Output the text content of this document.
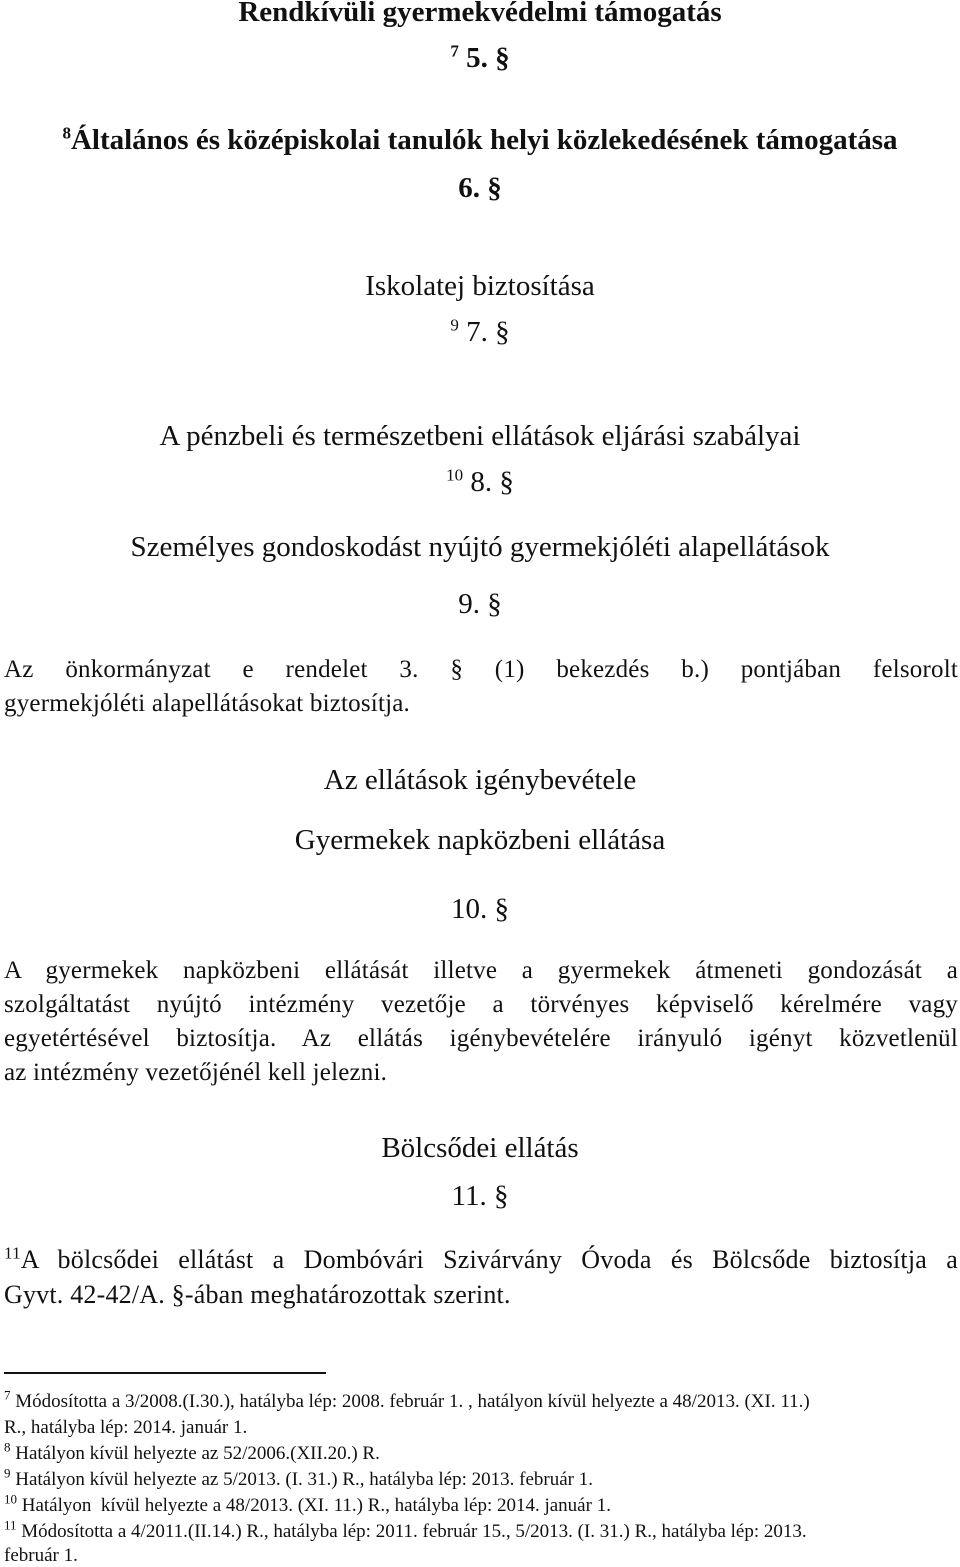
Rendkívüli gyermekvédelmi támogatás
$^7$ 5. §
$^8$Általános és középiskolai tanulók helyi közlekedésének támogatása
6. §
Iskolatej biztosítása
$^9$ 7. §
A pénzbeli és természetbeni ellátások eljárási szabályai
$^{10}$ 8. §
Személyes gondoskodást nyújtó gyermekjóléti alapellátások
9. §
Az önkormányzat e rendelet 3. § (1) bekezdés b.) pontjában felsorolt
gyermekjóléti alapellátásokat biztosítja.
Az ellátások igénybevétele
Gyermekek napközbeni ellátása
10. §
A gyermekek napközbeni ellátását illetve a gyermekek átmeneti gondozását a
szolgáltatást nyújtó intézmény vezetője a törvényes képviselő kérelmére vagy
egyetértésével biztosítja. Az ellátás igénybevételére irányuló igényt közvetlenül
az intézmény vezetőjénél kell jelezni.
Bölcsődei ellátás
11. §
$^{11}$A bölcsődei ellátást a Dombóvári Szivárvány Óvoda és Bölcsőde biztosítja a
Gyvt. 42-42/A. §-ában meghatározottak szerint.
$^7$ Módosította a 3/2008.(I.30.), hatályba lép: 2008. február 1. , hatályon kívül helyezte a 48/2013. (XI. 11.)
R., hatályba lép: 2014. január 1.
$^8$ Hatályon kívül helyezte az 52/2006.(XII.20.) R.
$^9$ Hatályon kívül helyezte az 5/2013. (I. 31.) R., hatályba lép: 2013. február 1.
$^{10}$ Hatályon  kívül helyezte a 48/2013. (XI. 11.) R., hatályba lép: 2014. január 1.
$^{11}$ Módosította a 4/2011.(II.14.) R., hatályba lép: 2011. február 15., 5/2013. (I. 31.) R., hatályba lép: 2013.
február 1.
